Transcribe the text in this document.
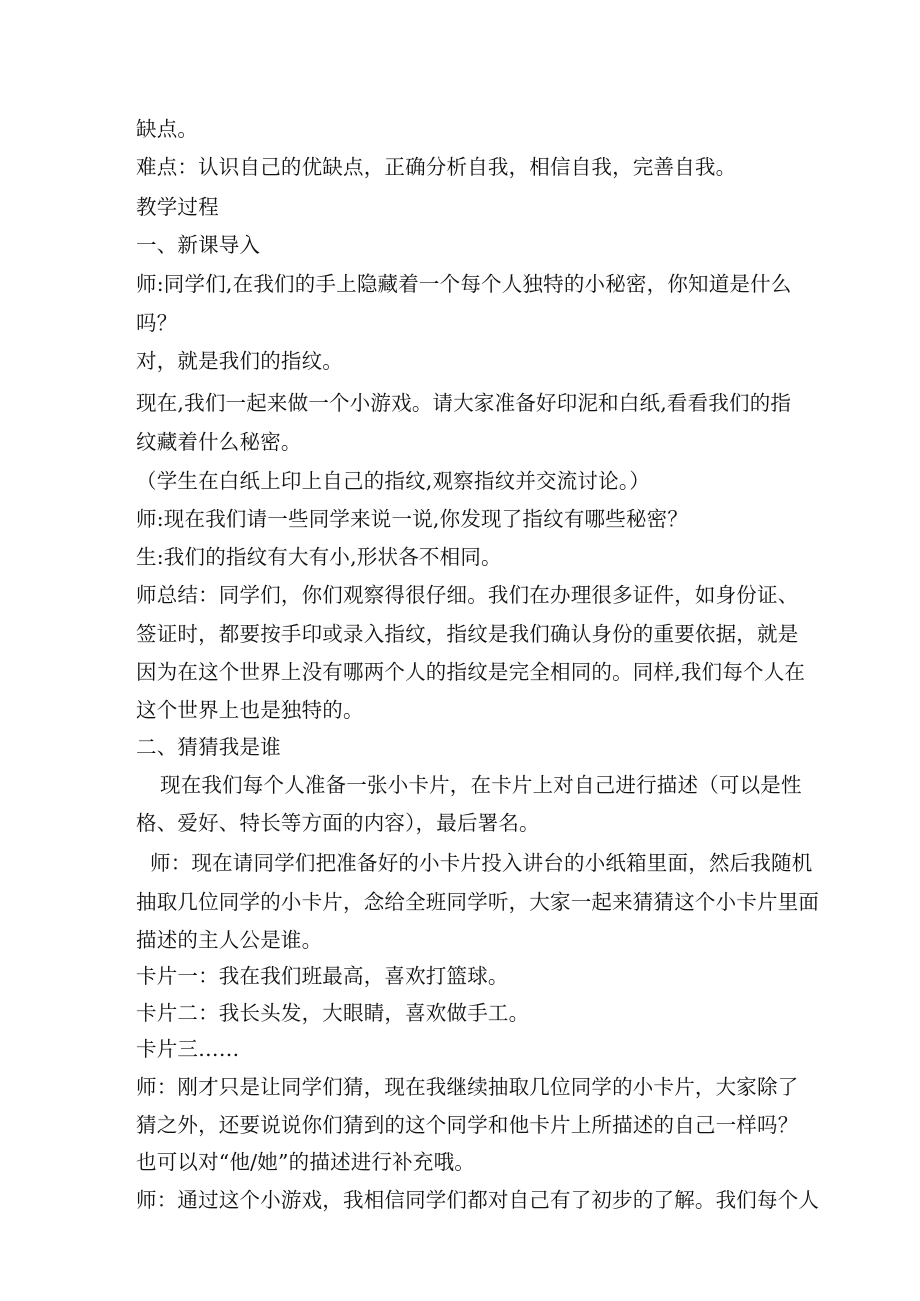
缺点。
难点：认识自己的优缺点，正确分析自我，相信自我，完善自我。
教学过程
一、新课导入
师:同学们,在我们的手上隐藏着一个每个人独特的小秘密，你知道是什么
吗？
对，就是我们的指纹。
现在,我们一起来做一个小游戏。请大家准备好印泥和白纸,看看我们的指
纹藏着什么秘密。
（学生在白纸上印上自己的指纹,观察指纹并交流讨论。）
师:现在我们请一些同学来说一说,你发现了指纹有哪些秘密？
生:我们的指纹有大有小,形状各不相同。
师总结：同学们，你们观察得很仔细。我们在办理很多证件，如身份证、
签证时，都要按手印或录入指纹，指纹是我们确认身份的重要依据，就是
因为在这个世界上没有哪两个人的指纹是完全相同的。同样,我们每个人在
这个世界上也是独特的。
二、猜猜我是谁
现在我们每个人准备一张小卡片，在卡片上对自己进行描述（可以是性
格、爱好、特长等方面的内容），最后署名。
师：现在请同学们把准备好的小卡片投入讲台的小纸箱里面，然后我随机
抽取几位同学的小卡片，念给全班同学听，大家一起来猜猜这个小卡片里面
描述的主人公是谁。
卡片一：我在我们班最高，喜欢打篮球。
卡片二：我长头发，大眼睛，喜欢做手工。
卡片三……
师：刚才只是让同学们猜，现在我继续抽取几位同学的小卡片，大家除了
猜之外，还要说说你们猜到的这个同学和他卡片上所描述的自己一样吗？
也可以对“他/她”的描述进行补充哦。
师：通过这个小游戏，我相信同学们都对自己有了初步的了解。我们每个人
